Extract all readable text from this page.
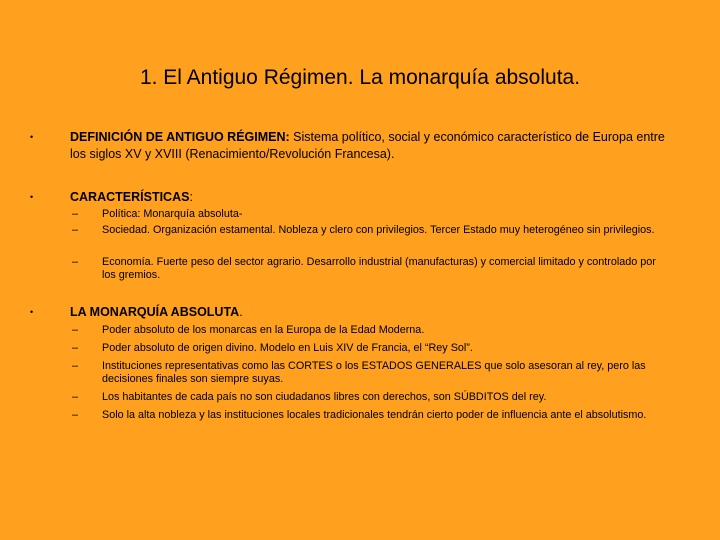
1. El Antiguo Régimen. La monarquía absoluta.
•	DEFINICIÓN DE ANTIGUO RÉGIMEN: Sistema político, social y económico característico de Europa entre los siglos XV y XVIII (Renacimiento/Revolución Francesa).
•	CARACTERÍSTICAS:
– Política: Monarquía absoluta-
– Sociedad. Organización estamental. Nobleza y clero con privilegios. Tercer Estado muy heterogéneo sin privilegios.
– Economía. Fuerte peso del sector agrario. Desarrollo industrial (manufacturas) y comercial limitado y controlado por los gremios.
•	LA MONARQUÍA ABSOLUTA.
– Poder absoluto de los monarcas en la Europa de la Edad Moderna.
– Poder absoluto de origen divino. Modelo en Luis XIV de Francia, el “Rey Sol”.
– Instituciones representativas como las CORTES o los ESTADOS GENERALES que solo asesoran al rey, pero las decisiones finales son siempre suyas.
– Los habitantes de cada país no son ciudadanos libres con derechos, son SÚBDITOS del rey.
– Solo la alta nobleza y las instituciones locales tradicionales tendrán cierto poder de influencia ante el absolutismo.
